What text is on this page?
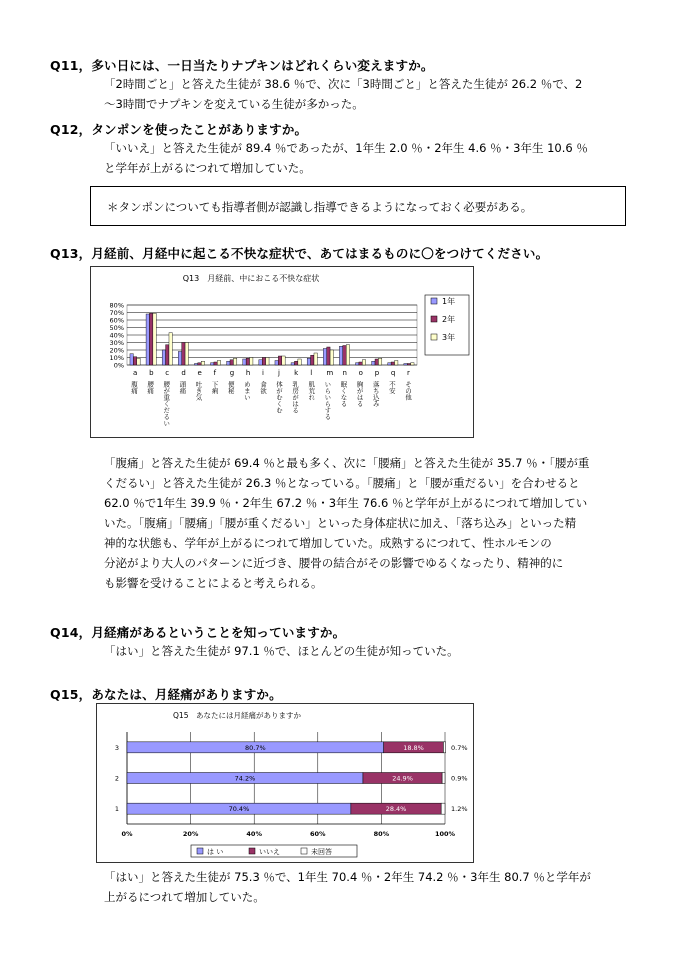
Q11，多い日には、一日当たりナプキンはどれくらい変えますか。
「2時間ごと」と答えた生徒が 38.6 ％で、次に「3時間ごと」と答えた生徒が 26.2 ％で、2
～3時間でナプキンを変えている生徒が多かった。
Q12，タンポンを使ったことがありますか。
「いいえ」と答えた生徒が 89.4 ％であったが、1年生 2.0 ％・2年生 4.6 ％・3年生 10.6 ％
と学年が上がるにつれて増加していた。
＊タンポンについても指導者側が認識し指導できるようになっておく必要がある。
Q13，月経前、月経中に起こる不快な症状で、あてはまるものに〇をつけてください。
Q13　月経前、中におこる不快な症状
0%
10%
20%
30%
40%
50%
60%
70%
80%
a
腹痛
b
腰痛
c
腰が重くだるい
d
頭痛
e
吐き気
f
下痢
g
便秘
h
めまい
i
食欲
j
体がむくむ
k
乳房がはる
l
肌荒れ
m
いらいらする
n
眠くなる
o
胸がはる
p
落ち込み
q
不安
r
その他
1年
2年
3年
「腹痛」と答えた生徒が 69.4 ％と最も多く、次に「腰痛」と答えた生徒が 35.7 ％・「腰が重
くだるい」と答えた生徒が 26.3 ％となっている。「腰痛」と「腰が重だるい」を合わせると
62.0 ％で1年生 39.9 ％・2年生 67.2 ％・3年生 76.6 ％と学年が上がるにつれて増加してい
いた。「腹痛」「腰痛」「腰が重くだるい」といった身体症状に加え、「落ち込み」といった精
神的な状態も、学年が上がるにつれて増加していた。成熟するにつれて、性ホルモンの
分泌がより大人のパターンに近づき、腰骨の結合がその影響でゆるくなったり、精神的に
も影響を受けることによると考えられる。
Q14，月経痛があるということを知っていますか。
「はい」と答えた生徒が 97.1 ％で、ほとんどの生徒が知っていた。
Q15，あなたは、月経痛がありますか。
Q15　あなたには月経痛がありますか
0%	20%	40%	60%	80%	100%
3	80.7%	18.8%	0.7%
2	74.2%	24.9%	0.9%
1	70.4%	28.4%	1.2%
は い	いいえ	未回答
「はい」と答えた生徒が 75.3 ％で、1年生 70.4 ％・2年生 74.2 ％・3年生 80.7 ％と学年が
上がるにつれて増加していた。
